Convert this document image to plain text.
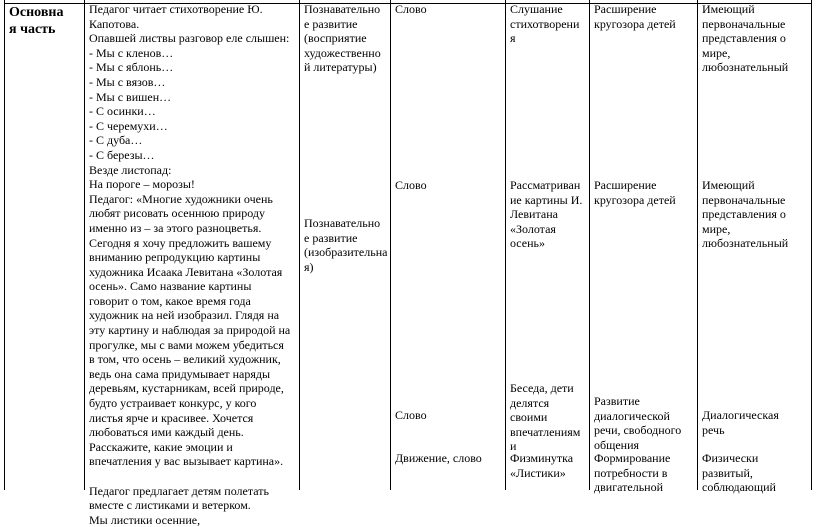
Основна
я часть
Педагог читает стихотворение Ю.
Капотова.
Опавшей листвы разговор еле слышен:
- Мы с кленов…
- Мы с яблонь…
- Мы с вязов…
- Мы с вишен…
- С осинки…
- С черемухи…
- С дуба…
- С березы…
Везде листопад:
На пороге – морозы!
Педагог: «Многие художники очень
любят рисовать осеннюю природу
именно из – за этого разноцветья.
Сегодня я хочу предложить вашему
вниманию репродукцию картины
художника Исаака Левитана «Золотая
осень». Само название картины
говорит о том, какое время года
художник на ней изобразил. Глядя на
эту картину и наблюдая за природой на
прогулке, мы с вами можем убедиться
в том, что осень – великий художник,
ведь она сама придумывает наряды
деревьям, кустарникам, всей природе,
будто устраивает конкурс, у кого
листья ярче и красивее. Хочется
любоваться ими каждый день.
Расскажите, какие эмоции и
впечатления у вас вызывает картина».

Педагог предлагает детям полетать
вместе с листиками и ветерком.
Мы листики осенние,
Познавательно
е развитие
(восприятие
художественно
й литературы)
Познавательно
е развитие
(изобразительна
я)
Слово
Слово
Слово
Движение, слово
Слушание
стихотворени
я
Рассматриван
ие картины И.
Левитана
«Золотая
осень»
Беседа, дети
делятся
своими
впечатлениям
и
Физминутка
«Листики»
Расширение
кругозора детей
Расширение
кругозора детей
Развитие
диалогической
речи, свободного
общения
Формирование
потребности в
двигательной
Имеющий
первоначальные
представления о
мире,
любознательный
Имеющий
первоначальные
представления о
мире,
любознательный
Диалогическая
речь
Физически
развитый,
соблюдающий
